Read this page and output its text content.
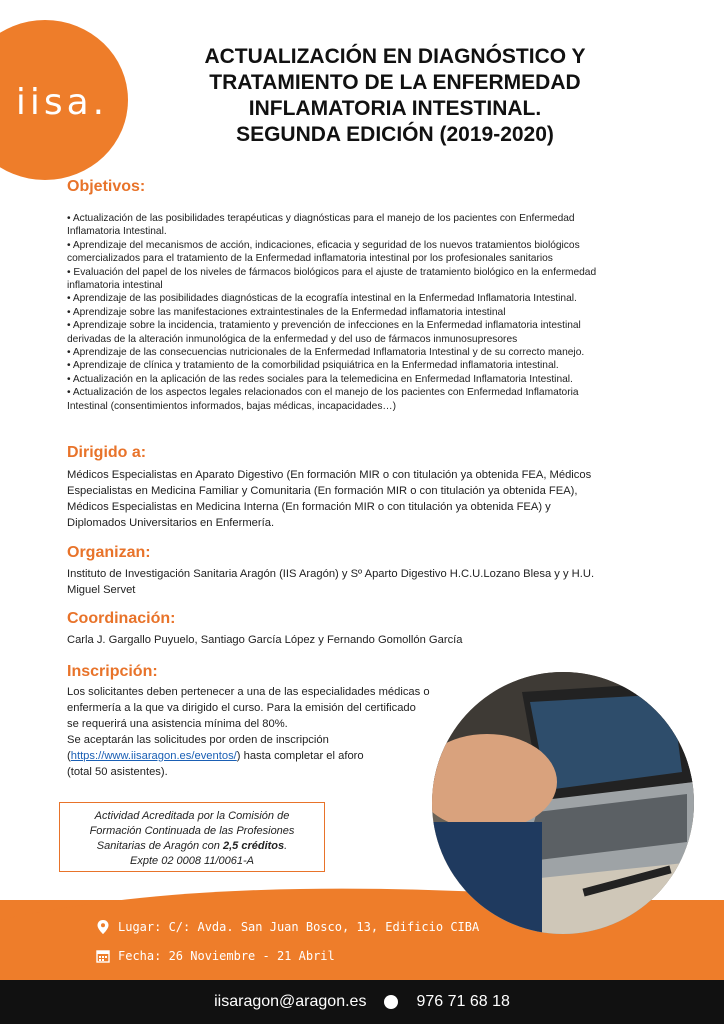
iisa.
ACTUALIZACIÓN EN DIAGNÓSTICO Y
TRATAMIENTO DE LA ENFERMEDAD
INFLAMATORIA INTESTINAL.
SEGUNDA EDICIÓN (2019-2020)
Objetivos:
• Actualización de las posibilidades terapéuticas y diagnósticas para el manejo de los pacientes con Enfermedad
Inflamatoria Intestinal.
• Aprendizaje del mecanismos de acción, indicaciones, eficacia y seguridad de los nuevos tratamientos biológicos
comercializados para el tratamiento de la Enfermedad inflamatoria intestinal por los profesionales sanitarios
• Evaluación del papel de los niveles de fármacos biológicos para el ajuste de tratamiento biológico en la enfermedad
inflamatoria intestinal
• Aprendizaje de las posibilidades diagnósticas de la ecografía intestinal en la Enfermedad Inflamatoria Intestinal.
• Aprendizaje sobre las manifestaciones extraintestinales de la Enfermedad inflamatoria intestinal
• Aprendizaje sobre la incidencia, tratamiento y prevención de infecciones en la Enfermedad inflamatoria intestinal
derivadas de la alteración inmunológica de la enfermedad y del uso de fármacos inmunosupresores
• Aprendizaje de las consecuencias nutricionales de la Enfermedad Inflamatoria Intestinal y de su correcto manejo.
• Aprendizaje de clínica y tratamiento de la comorbilidad psiquiátrica en la Enfermedad inflamatoria intestinal.
• Actualización en la aplicación de las redes sociales para la telemedicina en Enfermedad Inflamatoria Intestinal.
• Actualización de los aspectos legales relacionados con el manejo de los pacientes con Enfermedad Inflamatoria
Intestinal (consentimientos informados, bajas médicas, incapacidades…)
Dirigido a:
Médicos Especialistas en Aparato Digestivo (En formación MIR o con titulación ya obtenida FEA, Médicos
Especialistas en Medicina Familiar y Comunitaria (En formación MIR o con titulación ya obtenida FEA),
Médicos Especialistas en Medicina Interna (En formación MIR o con titulación ya obtenida FEA) y
Diplomados Universitarios en Enfermería.
Organizan:
Instituto de Investigación Sanitaria Aragón (IIS Aragón) y Sº Aparto Digestivo H.C.U.Lozano Blesa y y H.U.
Miguel Servet
Coordinación:
Carla J. Gargallo Puyuelo, Santiago García López y Fernando Gomollón García
Inscripción:
Los solicitantes deben pertenecer a una de las especialidades médicas o
enfermería a la que va dirigido el curso. Para la emisión del certificado
se requerirá una asistencia mínima del 80%.
Se aceptarán las solicitudes por orden de inscripción
(https://www.iisaragon.es/eventos/) hasta completar el aforo
(total 50 asistentes).
Actividad Acreditada por la Comisión de
Formación Continuada de las Profesiones
Sanitarias de Aragón con 2,5 créditos.
Expte 02 0008 11/0061-A
Lugar: C/: Avda. San Juan Bosco, 13, Edificio CIBA
Fecha: 26 Noviembre - 21 Abril
iisaragon@aragon.es	976 71 68 18
